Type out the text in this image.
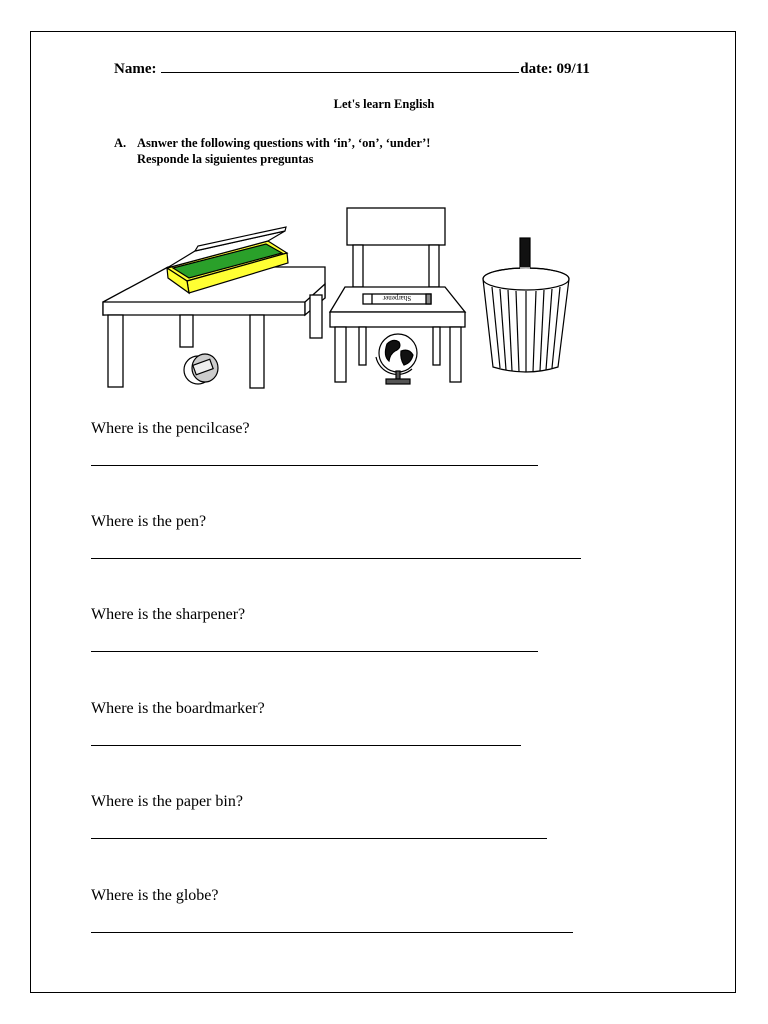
Name:	date: 09/11
Let's learn English
A. Asnwer the following questions with ‘in’, ‘on’, ‘under’!
Responde la siguientes preguntas
Sharpener
Where is the pencilcase?
Where is the pen?
Where is the sharpener?
Where is the boardmarker?
Where is the paper bin?
Where is the globe?
